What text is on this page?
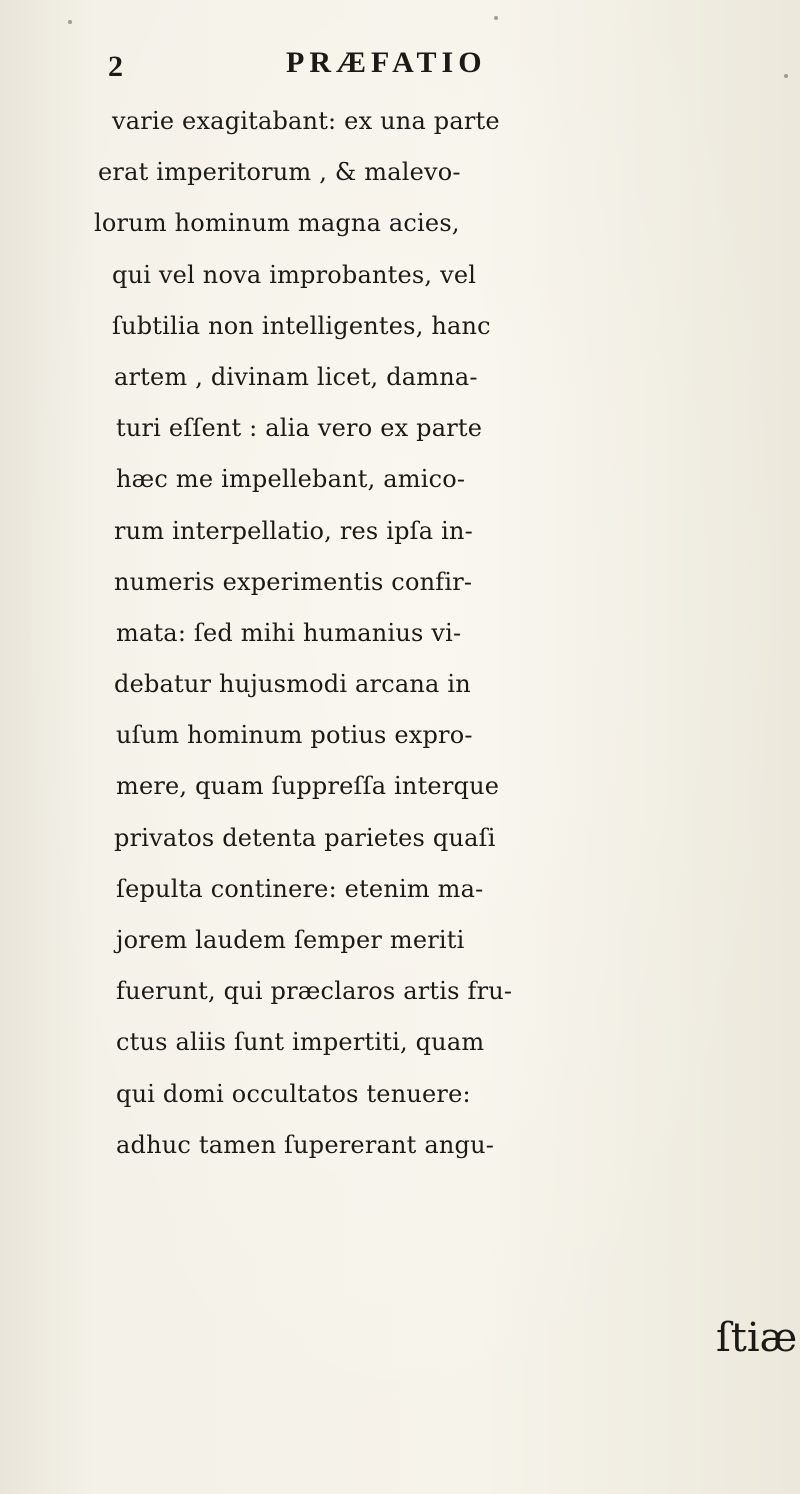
2	PRÆFATIO
varie exagitabant: ex una parte
erat imperitorum , & malevo-
lorum hominum magna acies,
qui vel nova improbantes, vel
ſubtilia non intelligentes, hanc
artem , divinam licet, damna-
turi eſſent : alia vero ex parte
hæc me impellebant, amico-
rum interpellatio, res ipſa in-
numeris experimentis confir-
mata: ſed mihi humanius vi-
debatur hujusmodi arcana in
uſum hominum potius expro-
mere, quam ſuppreſſa interque
privatos detenta parietes quaſi
ſepulta continere: etenim ma-
jorem laudem ſemper meriti
fuerunt, qui præclaros artis fru-
ctus aliis ſunt impertiti, quam
qui domi occultatos tenuere:
adhuc tamen ſupererant angu-
ſtiæ
